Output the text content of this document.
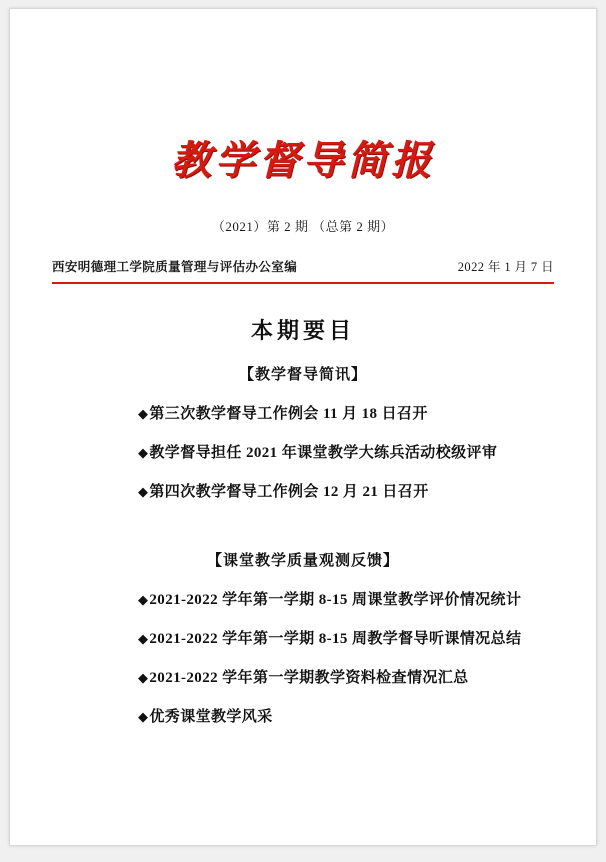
教学督导简报
（2021）第 2 期 （总第 2 期）
西安明德理工学院质量管理与评估办公室编	2022 年 1 月 7 日
本期要目
【教学督导简讯】
◆第三次教学督导工作例会 11 月 18 日召开
◆教学督导担任 2021 年课堂教学大练兵活动校级评审
◆第四次教学督导工作例会 12 月 21 日召开
【课堂教学质量观测反馈】
◆2021-2022 学年第一学期 8-15 周课堂教学评价情况统计
◆2021-2022 学年第一学期 8-15 周教学督导听课情况总结
◆2021-2022 学年第一学期教学资料检查情况汇总
◆优秀课堂教学风采
